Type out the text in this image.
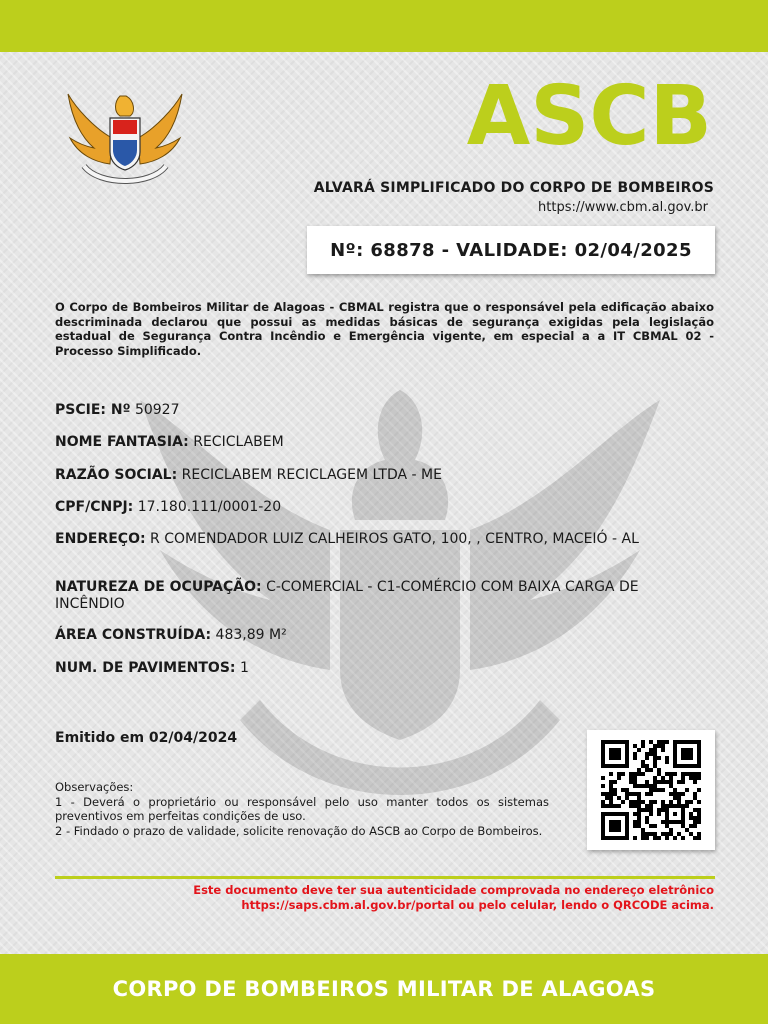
ASCB
ALVARÁ SIMPLIFICADO DO CORPO DE BOMBEIROS
https://www.cbm.al.gov.br
Nº: 68878 - VALIDADE: 02/04/2025
O Corpo de Bombeiros Militar de Alagoas - CBMAL registra que o responsável pela edificação abaixo descriminada declarou que possui as medidas básicas de segurança exigidas pela legislação estadual de Segurança Contra Incêndio e Emergência vigente, em especial a a IT CBMAL 02 - Processo Simplificado.
PSCIE: Nº 50927
NOME FANTASIA: RECICLABEM
RAZÃO SOCIAL: RECICLABEM RECICLAGEM LTDA - ME
CPF/CNPJ: 17.180.111/0001-20
ENDEREÇO: R COMENDADOR LUIZ CALHEIROS GATO, 100, , CENTRO, MACEIÓ - AL
NATUREZA DE OCUPAÇÃO: C-COMERCIAL - C1-COMÉRCIO COM BAIXA CARGA DE INCÊNDIO
ÁREA CONSTRUÍDA: 483,89 M²
NUM. DE PAVIMENTOS: 1
Emitido em 02/04/2024
Observações:
1 - Deverá o proprietário ou responsável pelo uso manter todos os sistemas preventivos em perfeitas condições de uso.
2 - Findado o prazo de validade, solicite renovação do ASCB ao Corpo de Bombeiros.
Este documento deve ter sua autenticidade comprovada no endereço eletrônico
https://saps.cbm.al.gov.br/portal ou pelo celular, lendo o QRCODE acima.
CORPO DE BOMBEIROS MILITAR DE ALAGOAS
